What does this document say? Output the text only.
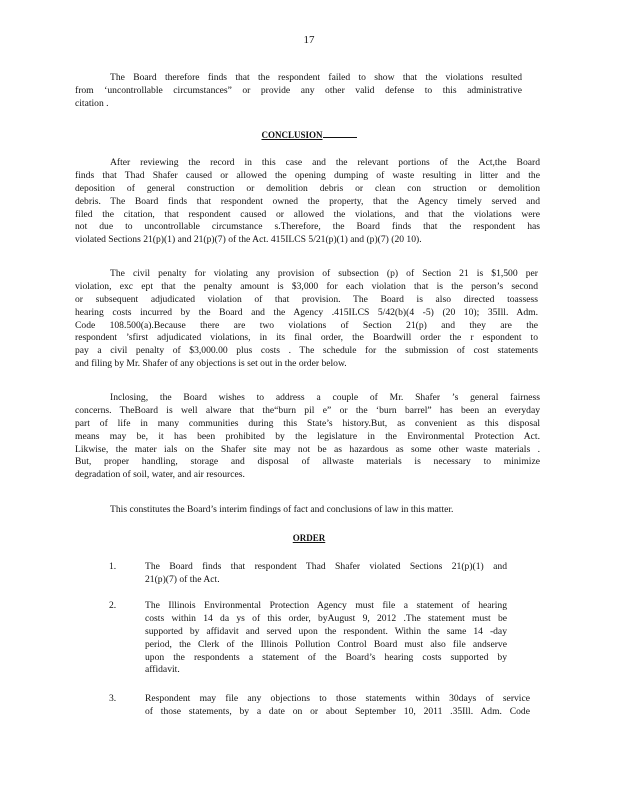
17
The Board therefore finds that the respondent failed to show that the violations resulted
from ‘uncontrollable circumstances” or provide any other valid defense to this administrative
citation .
CONCLUSION
After reviewing the record in this case and the relevant portions of the Act,the Board
finds that Thad Shafer caused or allowed the opening dumping of waste resulting in litter and the
deposition of general construction or demolition debris or clean con struction or demolition
debris. The Board finds that respondent owned the property, that the Agency timely served and
filed the citation, that respondent caused or allowed the violations, and that the violations were
not due to uncontrollable circumstance s.Therefore, the Board finds that the respondent has
violated Sections 21(p)(1) and 21(p)(7) of the Act. 415ILCS 5/21(p)(1) and (p)(7) (20 10).
The civil penalty for violating any provision of subsection (p) of Section 21 is $1,500 per
violation, exc ept that the penalty amount is $3,000 for each violation that is the person’s second
or subsequent adjudicated violation of that provision. The Board is also directed toassess
hearing costs incurred by the Board and the Agency .415ILCS 5/42(b)(4 -5) (20 10); 35Ill. Adm.
Code 108.500(a).Because there are two violations of Section 21(p) and they are the
respondent ’sfirst adjudicated violations, in its final order, the Boardwill order the r espondent to
pay a civil penalty of $3,000.00 plus costs . The schedule for the submission of cost statements
and filing by Mr. Shafer of any objections is set out in the order below.
Inclosing, the Board wishes to address a couple of Mr. Shafer ’s general fairness
concerns. TheBoard is well alware that the“burn pil e” or the ‘burn barrel” has been an everyday
part of life in many communities during this State’s history.But, as convenient as this disposal
means may be, it has been prohibited by the legislature in the Environmental Protection Act.
Likwise, the mater ials on the Shafer site may not be as hazardous as some other waste materials .
But, proper handling, storage and disposal of allwaste materials is necessary to minimize
degradation of soil, water, and air resources.
This constitutes the Board’s interim findings of fact and conclusions of law in this matter.
ORDER
1.	The Board finds that respondent Thad Shafer violated Sections 21(p)(1) and
21(p)(7) of the Act.
2.	The Illinois Environmental Protection Agency must file a statement of hearing
costs within 14 da ys of this order, byAugust 9, 2012 .The statement must be
supported by affidavit and served upon the respondent. Within the same 14 -day
period, the Clerk of the Illinois Pollution Control Board must also file andserve
upon the respondents a statement of the Board’s hearing costs supported by
affidavit.
3.	Respondent may file any objections to those statements within 30days of service
of those statements, by a date on or about September 10, 2011 .35Ill. Adm. Code
